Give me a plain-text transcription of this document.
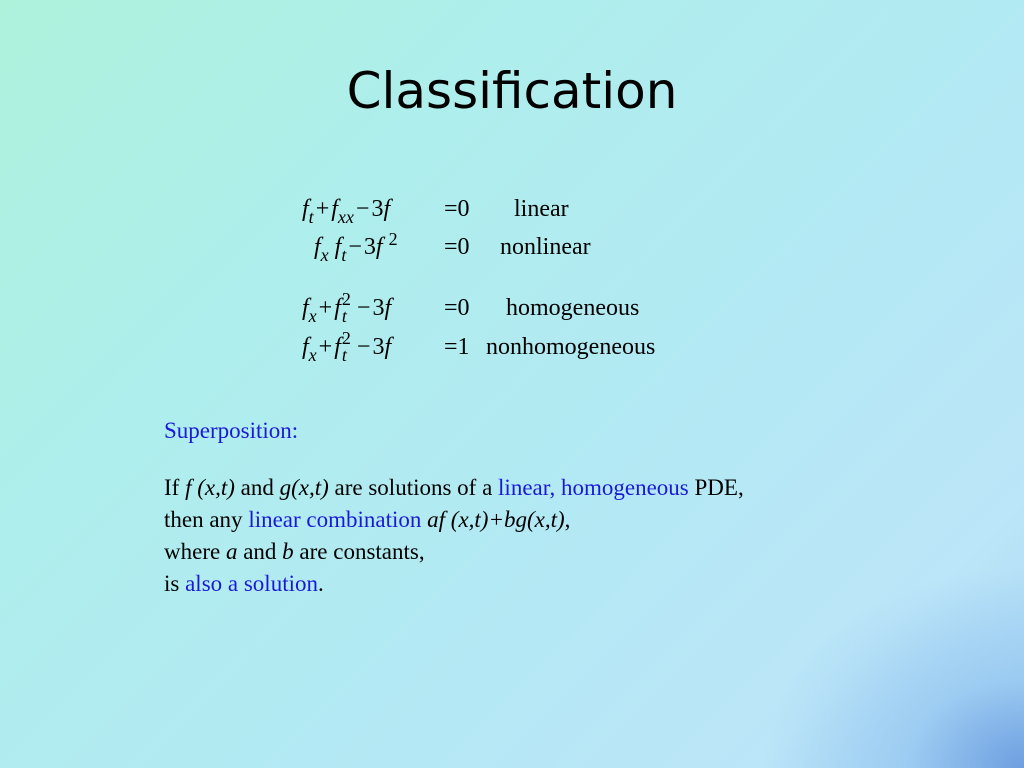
Classification
$f_t+f_{xx}-3f =0$ linear
$f_x$ $f_t-3f$ $^2$ =0 nonlinear
$f_x+f$ 2
t −3f =0 homogeneous
$f_x+f$ 2
t −3f =1 nonhomogeneous
Superposition:
If f (x,t) and g(x,t) are solutions of a linear, homogeneous PDE,
then any linear combination af (x,t)+bg(x,t),
where a and b are constants,
is also a solution.
